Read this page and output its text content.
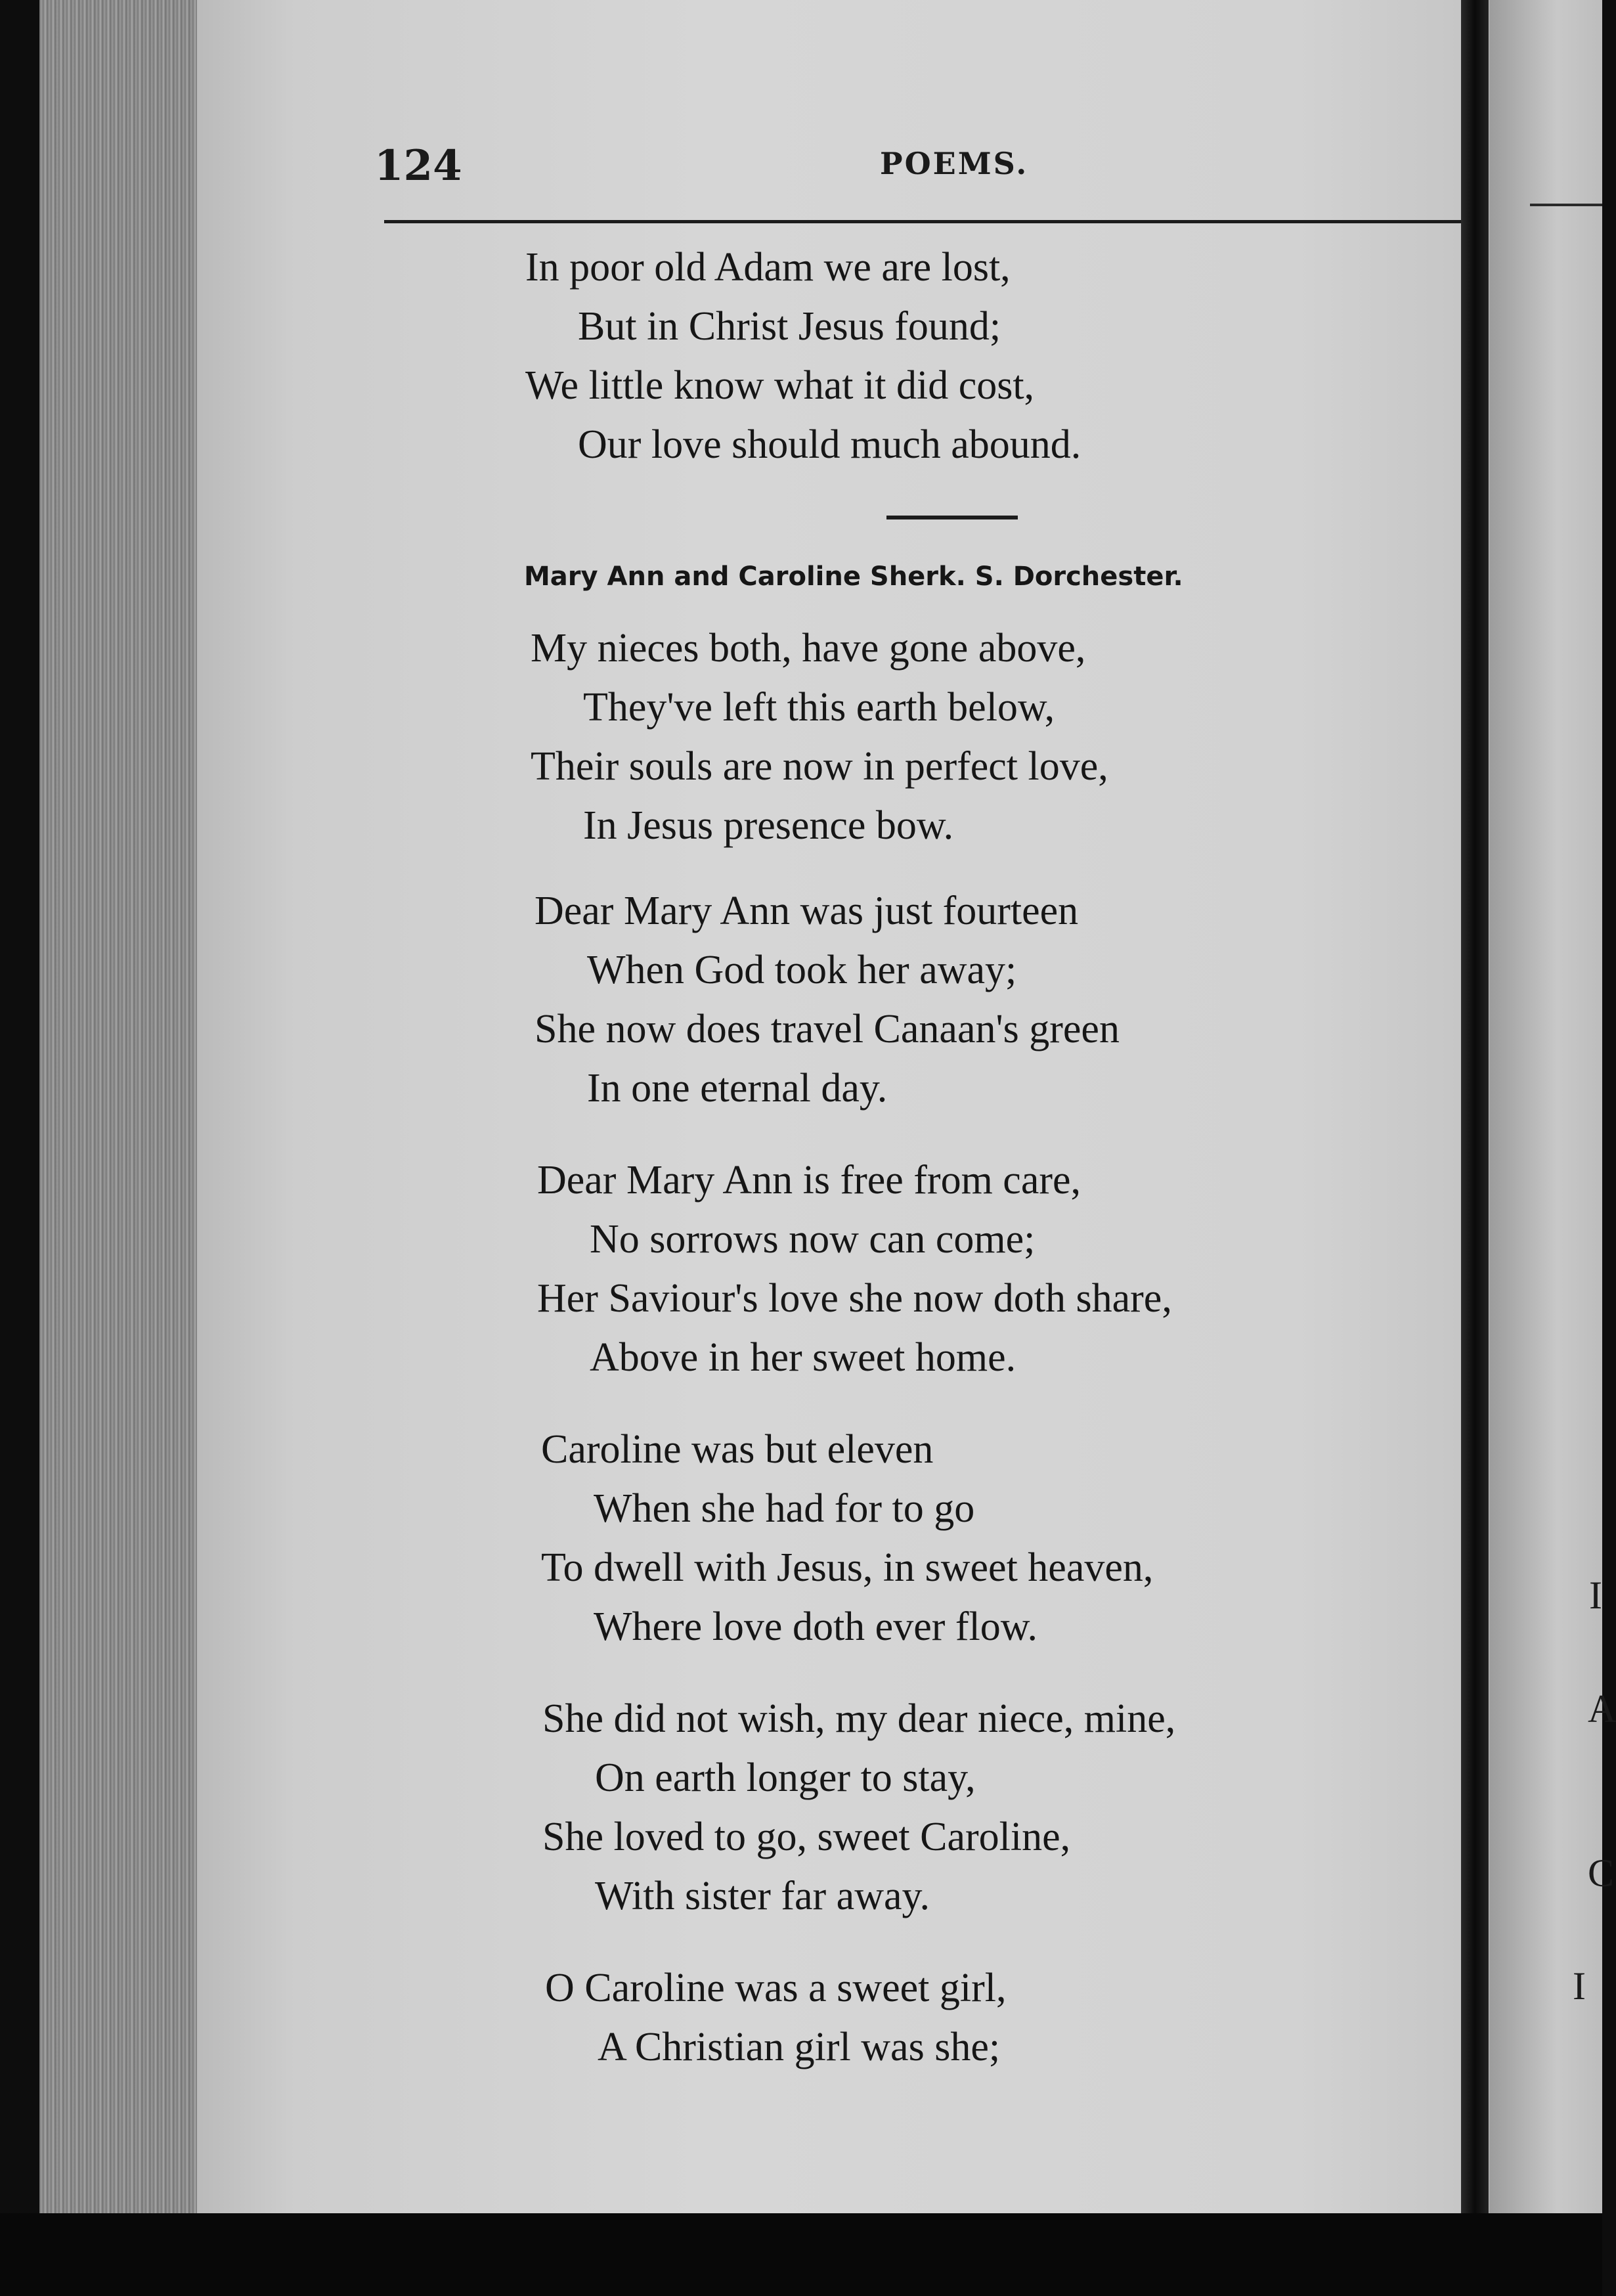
124	POEMS.
In poor old Adam we are lost,
But in Christ Jesus found;
We little know what it did cost,
Our love should much abound.
Mary Ann and Caroline Sherk. S. Dorchester.
My nieces both, have gone above,
They've left this earth below,
Their souls are now in perfect love,
In Jesus presence bow.
Dear Mary Ann was just fourteen
When God took her away;
She now does travel Canaan's green
In one eternal day.
Dear Mary Ann is free from care,
No sorrows now can come;
Her Saviour's love she now doth share,
Above in her sweet home.
Caroline was but eleven
When she had for to go
To dwell with Jesus, in sweet heaven,
Where love doth ever flow.
She did not wish, my dear niece, mine,
On earth longer to stay,
She loved to go, sweet Caroline,
With sister far away.
O Caroline was a sweet girl,
A Christian girl was she;
I
A
C
I
